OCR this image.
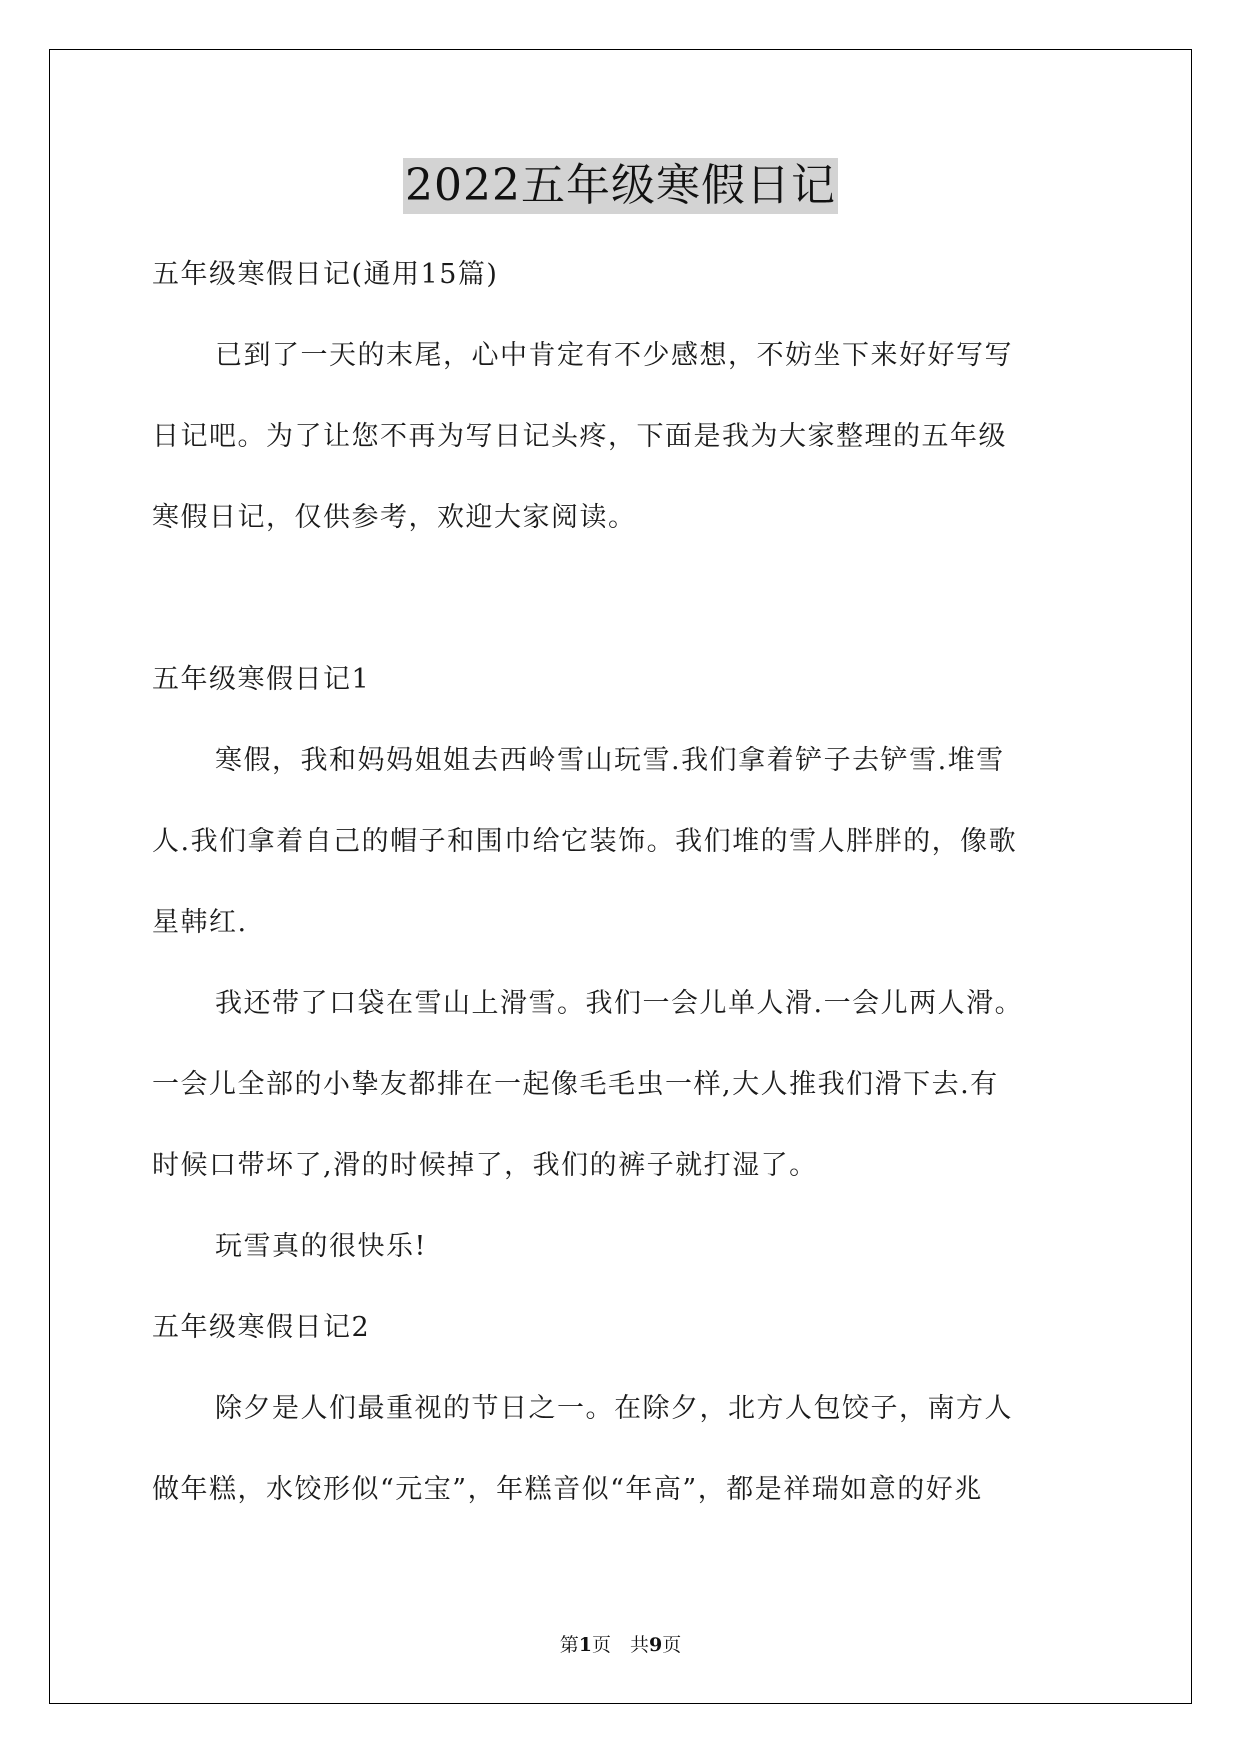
2022五年级寒假日记

五年级寒假日记(通用15篇)

已到了一天的末尾，心中肯定有不少感想，不妨坐下来好好写写

日记吧。为了让您不再为写日记头疼，下面是我为大家整理的五年级

寒假日记，仅供参考，欢迎大家阅读。

五年级寒假日记1

寒假，我和妈妈姐姐去西岭雪山玩雪.我们拿着铲子去铲雪.堆雪

人.我们拿着自己的帽子和围巾给它装饰。我们堆的雪人胖胖的，像歌

星韩红.

我还带了口袋在雪山上滑雪。我们一会儿单人滑.一会儿两人滑。

一会儿全部的小挚友都排在一起像毛毛虫一样,大人推我们滑下去.有

时候口带坏了,滑的时候掉了，我们的裤子就打湿了。

玩雪真的很快乐!

五年级寒假日记2

除夕是人们最重视的节日之一。在除夕，北方人包饺子，南方人

做年糕，水饺形似“元宝”，年糕音似“年高”，都是祥瑞如意的好兆

第1页　共9页
